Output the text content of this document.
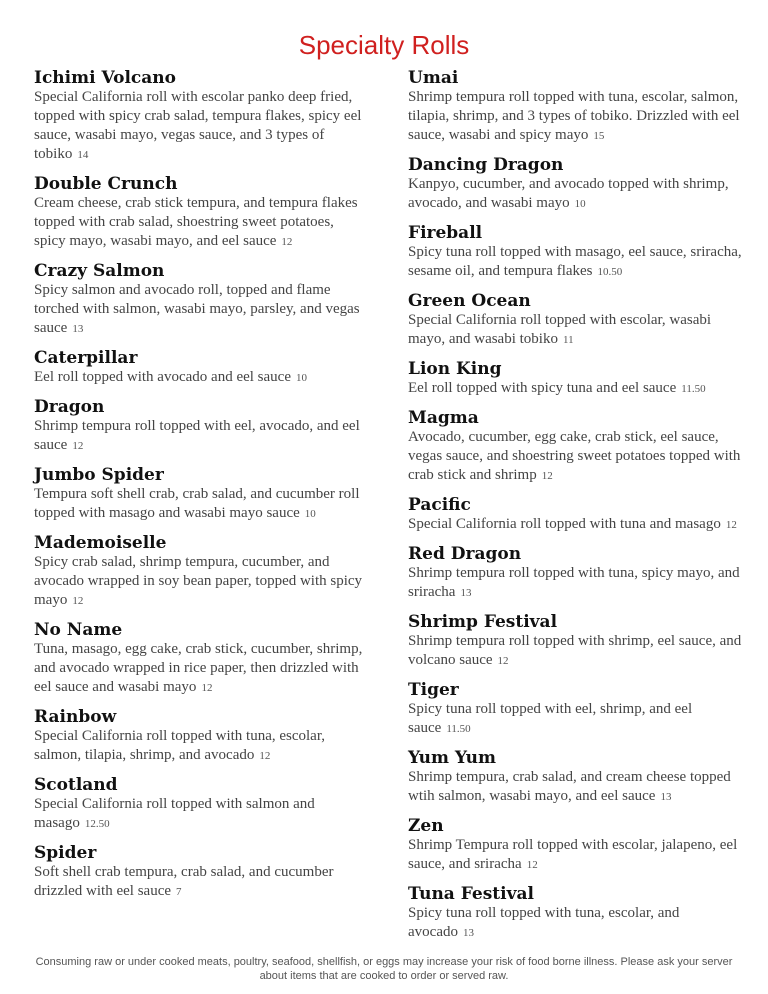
Specialty Rolls
Ichimi Volcano
Special California roll with escolar panko deep fried, topped with spicy crab salad, tempura flakes, spicy eel sauce, wasabi mayo, vegas sauce, and 3 types of tobiko 14
Double Crunch
Cream cheese, crab stick tempura, and tempura flakes topped with crab salad, shoestring sweet potatoes, spicy mayo, wasabi mayo, and eel sauce 12
Crazy Salmon
Spicy salmon and avocado roll, topped and flame torched with salmon, wasabi mayo, parsley, and vegas sauce 13
Caterpillar
Eel roll topped with avocado and eel sauce 10
Dragon
Shrimp tempura roll topped with eel, avocado, and eel sauce 12
Jumbo Spider
Tempura soft shell crab, crab salad, and cucumber roll topped with masago and wasabi mayo sauce 10
Mademoiselle
Spicy crab salad, shrimp tempura, cucumber, and avocado wrapped in soy bean paper, topped with spicy mayo 12
No Name
Tuna, masago, egg cake, crab stick, cucumber, shrimp, and avocado wrapped in rice paper, then drizzled with eel sauce and wasabi mayo 12
Rainbow
Special California roll topped with tuna, escolar, salmon, tilapia, shrimp, and avocado 12
Scotland
Special California roll topped with salmon and masago 12.50
Spider
Soft shell crab tempura, crab salad, and cucumber drizzled with eel sauce 7
Umai
Shrimp tempura roll topped with tuna, escolar, salmon, tilapia, shrimp, and 3 types of tobiko. Drizzled with eel sauce, wasabi and spicy mayo 15
Dancing Dragon
Kanpyo, cucumber, and avocado topped with shrimp, avocado, and wasabi mayo 10
Fireball
Spicy tuna roll topped with masago, eel sauce, sriracha, sesame oil, and tempura flakes 10.50
Green Ocean
Special California roll topped with escolar, wasabi mayo, and wasabi tobiko 11
Lion King
Eel roll topped with spicy tuna and eel sauce 11.50
Magma
Avocado, cucumber, egg cake, crab stick, eel sauce, vegas sauce, and shoestring sweet potatoes topped with crab stick and shrimp 12
Pacific
Special California roll topped with tuna and masago 12
Red Dragon
Shrimp tempura roll topped with tuna, spicy mayo, and sriracha 13
Shrimp Festival
Shrimp tempura roll topped with shrimp, eel sauce, and volcano sauce 12
Tiger
Spicy tuna roll topped with eel, shrimp, and eel sauce 11.50
Yum Yum
Shrimp tempura, crab salad, and cream cheese topped wtih salmon, wasabi mayo, and eel sauce 13
Zen
Shrimp Tempura roll topped with escolar, jalapeno, eel sauce, and sriracha 12
Tuna Festival
Spicy tuna roll topped with tuna, escolar, and avocado 13
Consuming raw or under cooked meats, poultry, seafood, shellfish, or eggs may increase your risk of food borne illness. Please ask your server about items that are cooked to order or served raw.
